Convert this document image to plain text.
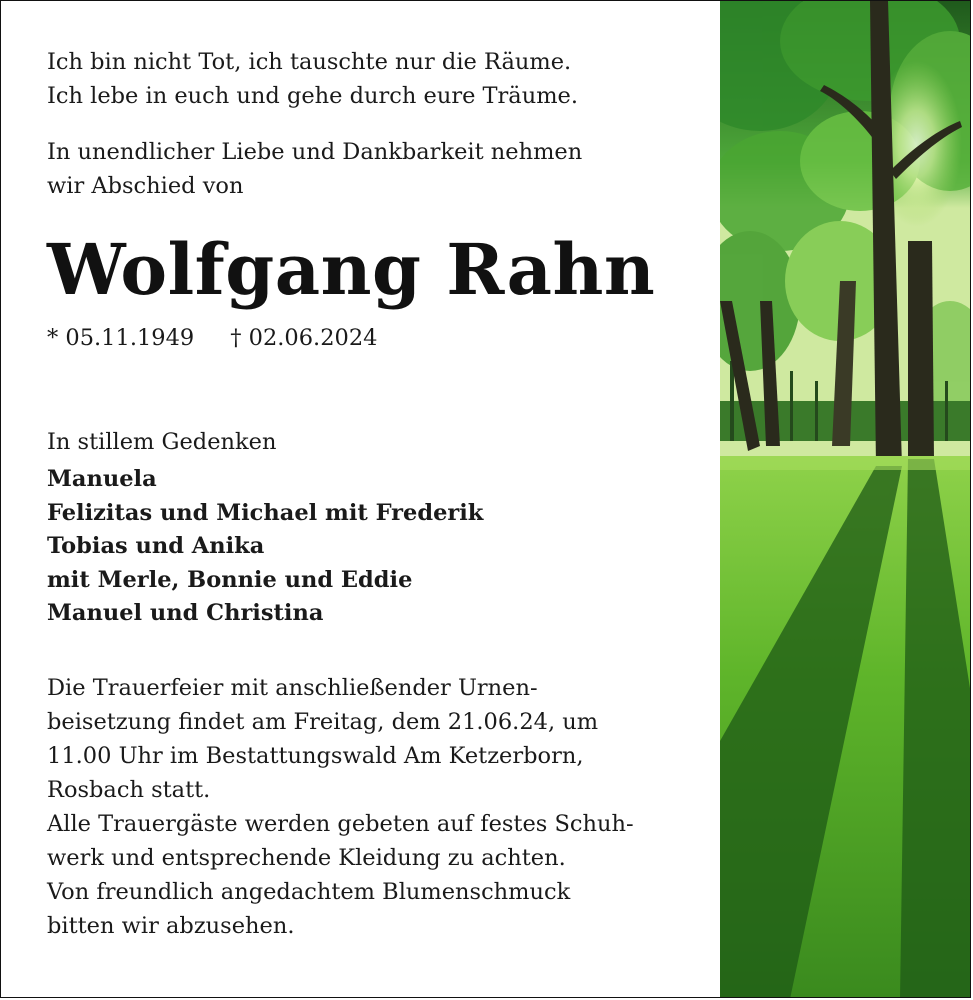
Ich bin nicht Tot, ich tauschte nur die Räume.
Ich lebe in euch und gehe durch eure Träume.
In unendlicher Liebe und Dankbarkeit nehmen
wir Abschied von
Wolfgang Rahn
* 05.11.1949 † 02.06.2024
In stillem Gedenken
Manuela
Felizitas und Michael mit Frederik
Tobias und Anika
mit Merle, Bonnie und Eddie
Manuel und Christina
Die Trauerfeier mit anschließender Urnen-
beisetzung findet am Freitag, dem 21.06.24, um
11.00 Uhr im Bestattungswald Am Ketzerborn,
Rosbach statt.
Alle Trauergäste werden gebeten auf festes Schuh-
werk und entsprechende Kleidung zu achten.
Von freundlich angedachtem Blumenschmuck
bitten wir abzusehen.
